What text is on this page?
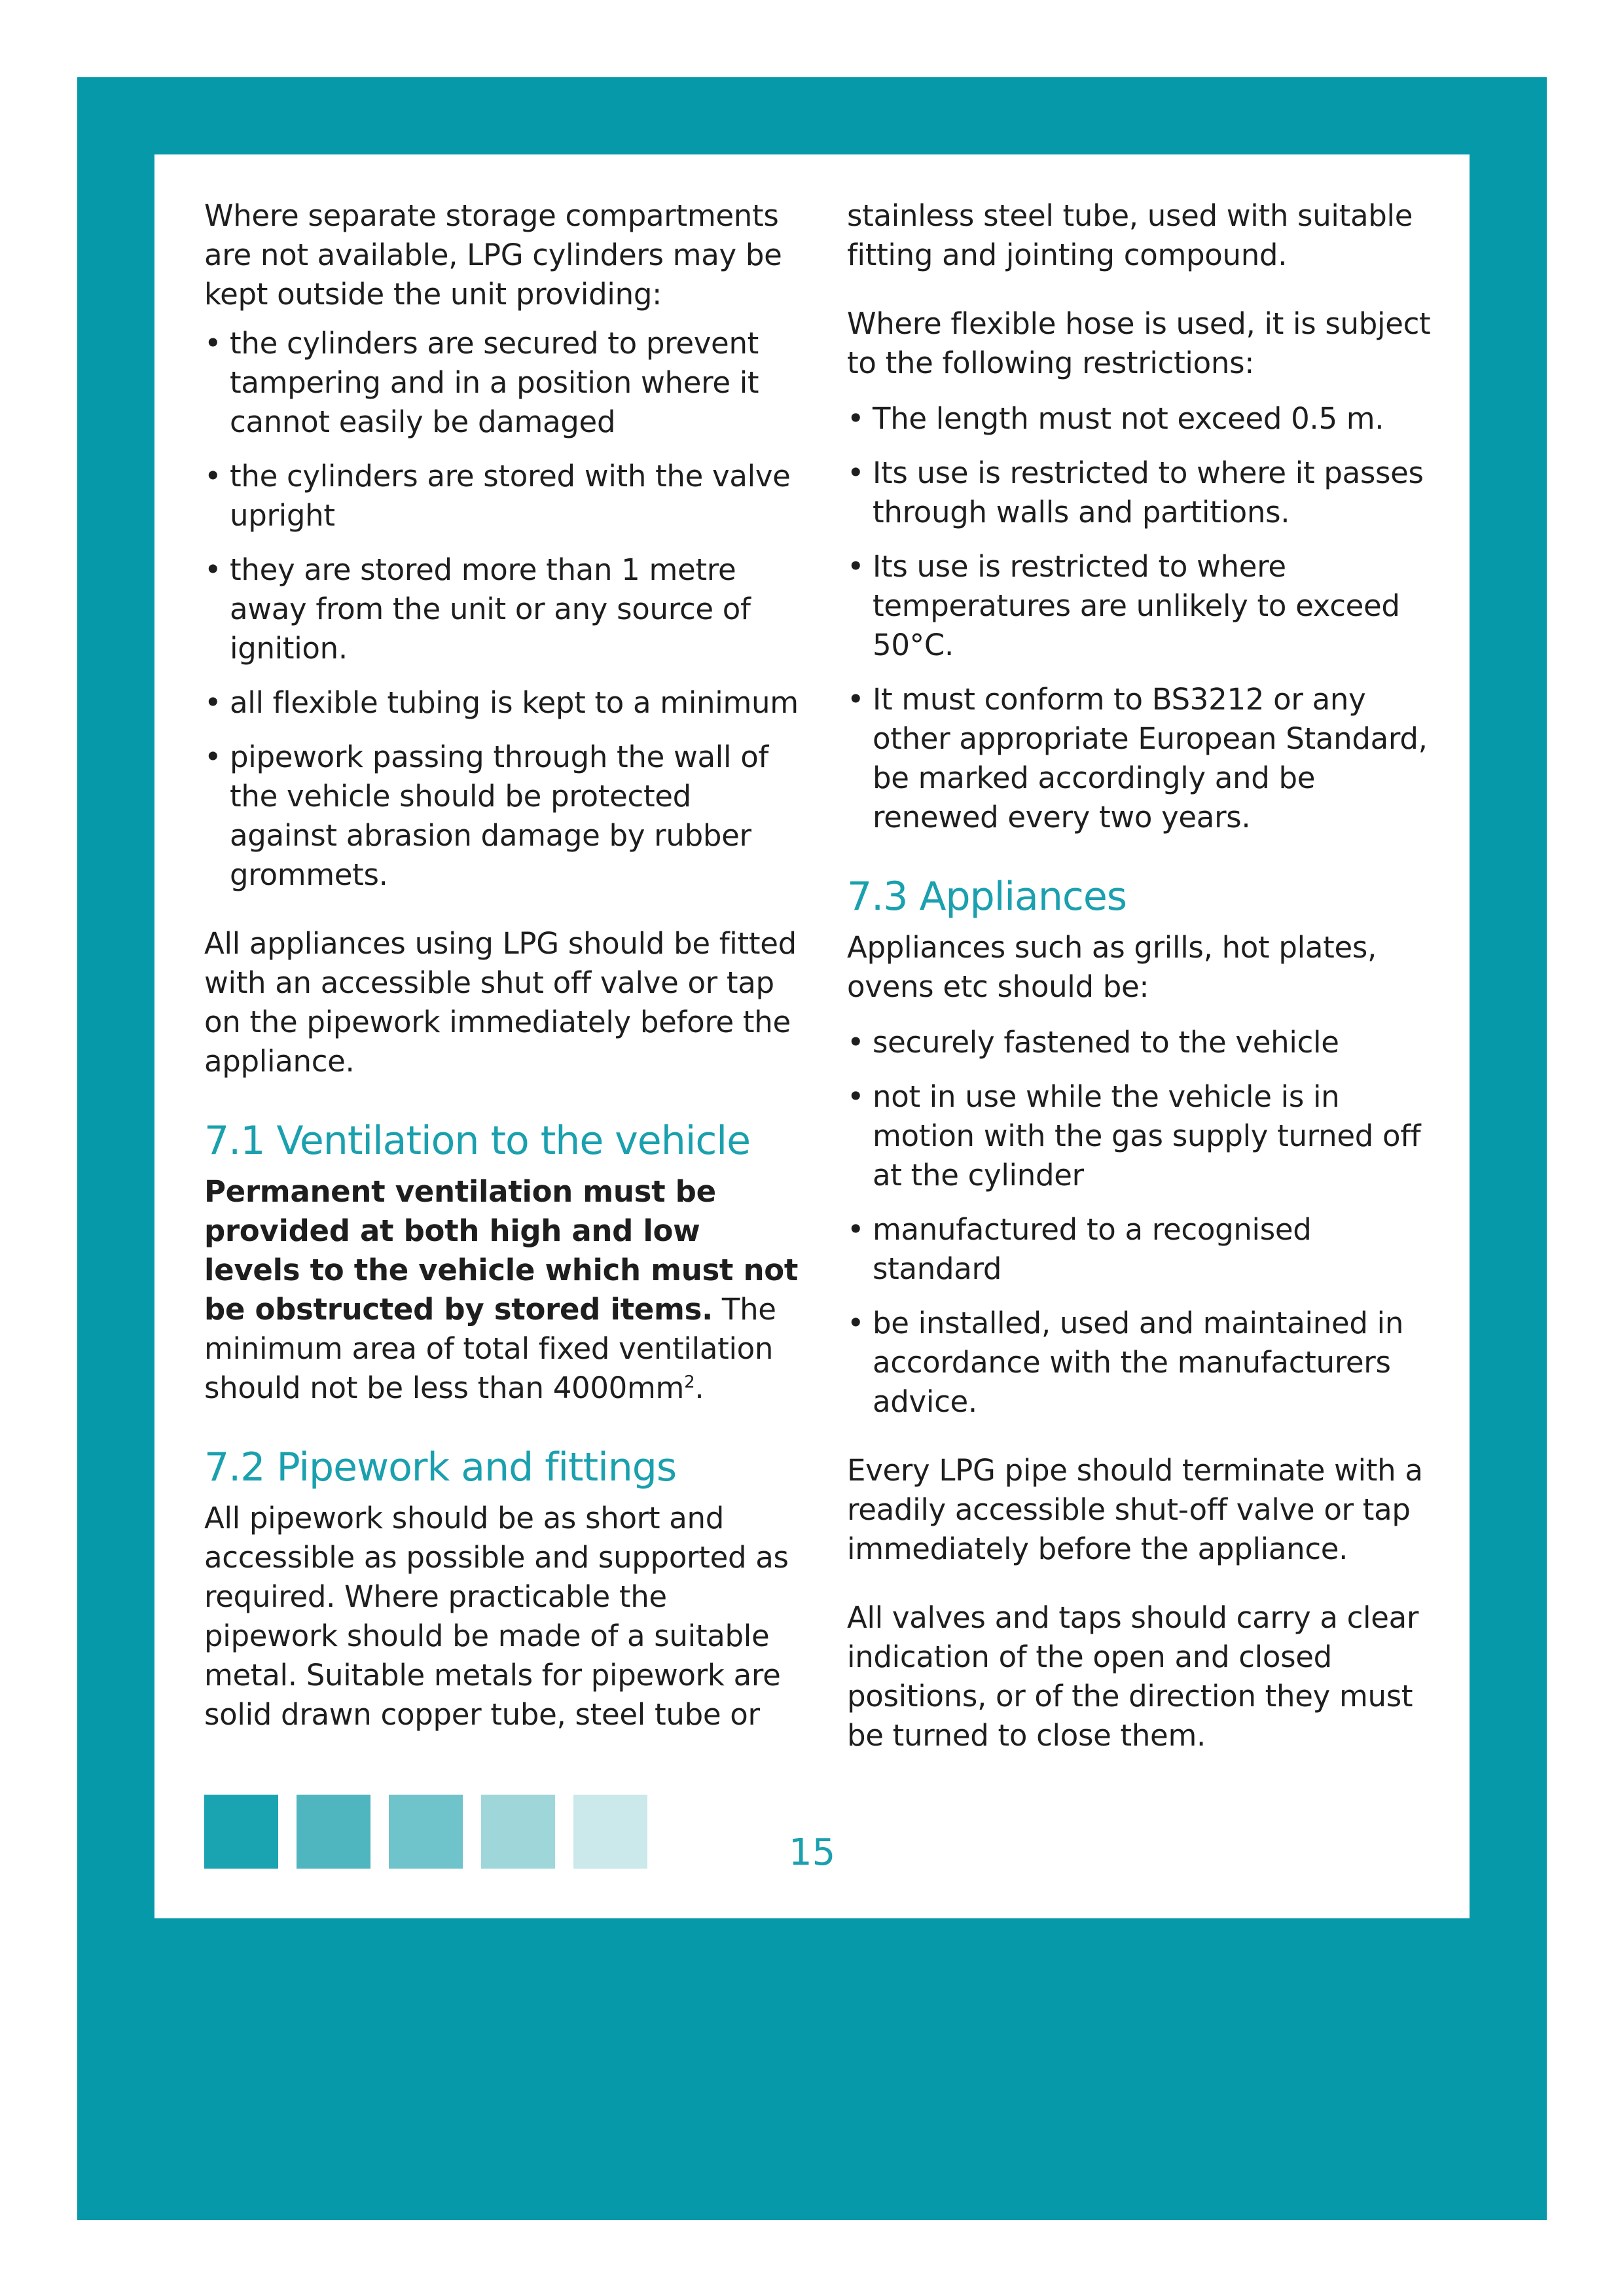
Where separate storage compartments are not available, LPG cylinders may be kept outside the unit providing:

• the cylinders are secured to prevent tampering and in a position where it cannot easily be damaged
• the cylinders are stored with the valve upright
• they are stored more than 1 metre away from the unit or any source of ignition.
• all flexible tubing is kept to a minimum
• pipework passing through the wall of the vehicle should be protected against abrasion damage by rubber grommets.

All appliances using LPG should be fitted with an accessible shut off valve or tap on the pipework immediately before the appliance.

7.1 Ventilation to the vehicle

Permanent ventilation must be provided at both high and low levels to the vehicle which must not be obstructed by stored items. The minimum area of total fixed ventilation should not be less than $4000mm^2$.

7.2 Pipework and fittings

All pipework should be as short and accessible as possible and supported as required. Where practicable the pipework should be made of a suitable metal. Suitable metals for pipework are solid drawn copper tube, steel tube or

stainless steel tube, used with suitable fitting and jointing compound.

Where flexible hose is used, it is subject to the following restrictions:

• The length must not exceed 0.5 m.
• Its use is restricted to where it passes through walls and partitions.
• Its use is restricted to where temperatures are unlikely to exceed 50°C.
• It must conform to BS3212 or any other appropriate European Standard, be marked accordingly and be renewed every two years.
7.3 Appliances

Appliances such as grills, hot plates, ovens etc should be:

• securely fastened to the vehicle
• not in use while the vehicle is in motion with the gas supply turned off at the cylinder
• manufactured to a recognised standard
• be installed, used and maintained in accordance with the manufacturers advice.

Every LPG pipe should terminate with a readily accessible shut-off valve or tap immediately before the appliance.

All valves and taps should carry a clear indication of the open and closed positions, or of the direction they must be turned to close them.

15
